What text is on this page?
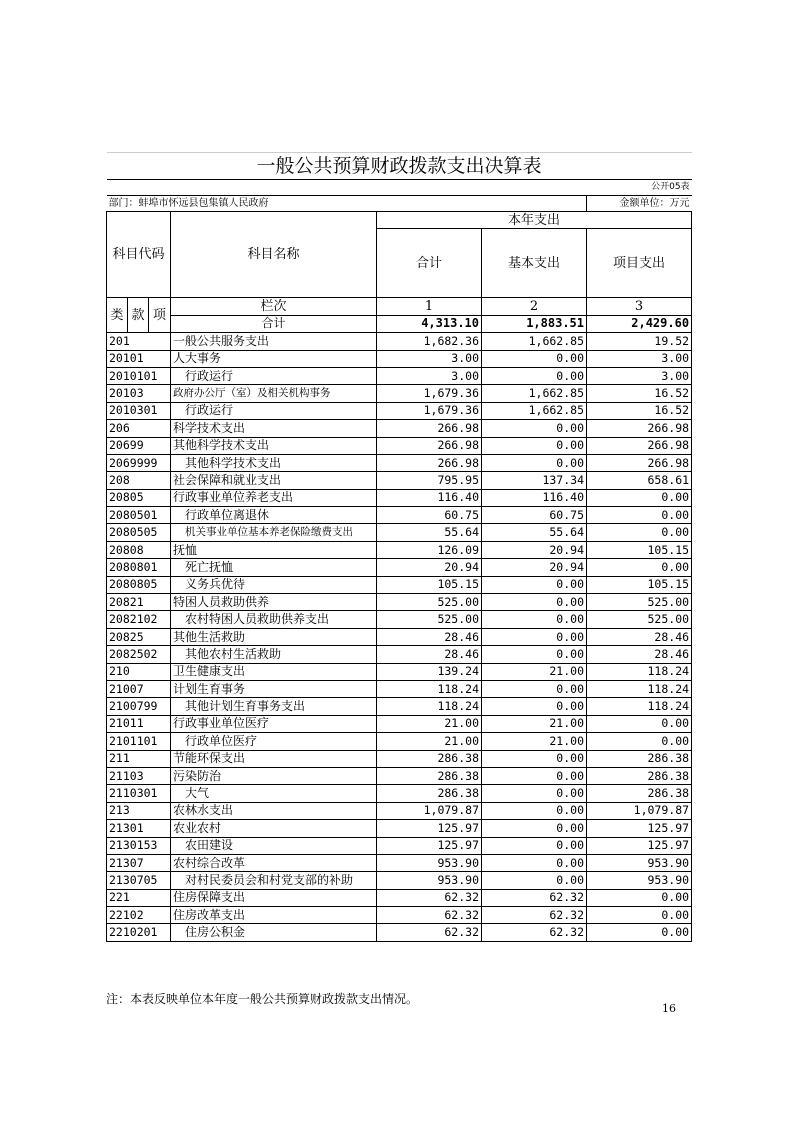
一般公共预算财政拨款支出决算表						
						公开05表
部门：蚌埠市怀远县包集镇人民政府						金额单位：万元
科目代码			科目名称	本年支出		
				合计	基本支出	项目支出

类	款	项	栏次	1	2	3
			合计	4,313.10	1,883.51	2,429.60
201			一般公共服务支出	1,682.36	1,662.85	19.52
20101			人大事务	3.00	0.00	3.00
2010101			行政运行	3.00	0.00	3.00
20103			政府办公厅（室）及相关机构事务	1,679.36	1,662.85	16.52
2010301			行政运行	1,679.36	1,662.85	16.52
206			科学技术支出	266.98	0.00	266.98
20699			其他科学技术支出	266.98	0.00	266.98
2069999			其他科学技术支出	266.98	0.00	266.98
208			社会保障和就业支出	795.95	137.34	658.61
20805			行政事业单位养老支出	116.40	116.40	0.00
2080501			行政单位离退休	60.75	60.75	0.00
2080505			机关事业单位基本养老保险缴费支出	55.64	55.64	0.00
20808			抚恤	126.09	20.94	105.15
2080801			死亡抚恤	20.94	20.94	0.00
2080805			义务兵优待	105.15	0.00	105.15
20821			特困人员救助供养	525.00	0.00	525.00
2082102			农村特困人员救助供养支出	525.00	0.00	525.00
20825			其他生活救助	28.46	0.00	28.46
2082502			其他农村生活救助	28.46	0.00	28.46
210			卫生健康支出	139.24	21.00	118.24
21007			计划生育事务	118.24	0.00	118.24
2100799			其他计划生育事务支出	118.24	0.00	118.24
21011			行政事业单位医疗	21.00	21.00	0.00
2101101			行政单位医疗	21.00	21.00	0.00
211			节能环保支出	286.38	0.00	286.38
21103			污染防治	286.38	0.00	286.38
2110301			大气	286.38	0.00	286.38
213			农林水支出	1,079.87	0.00	1,079.87
21301			农业农村	125.97	0.00	125.97
2130153			农田建设	125.97	0.00	125.97
21307			农村综合改革	953.90	0.00	953.90
2130705			对村民委员会和村党支部的补助	953.90	0.00	953.90
221			住房保障支出	62.32	62.32	0.00
22102			住房改革支出	62.32	62.32	0.00
2210201			住房公积金	62.32	62.32	0.00
注：本表反映单位本年度一般公共预算财政拨款支出情况。
16
